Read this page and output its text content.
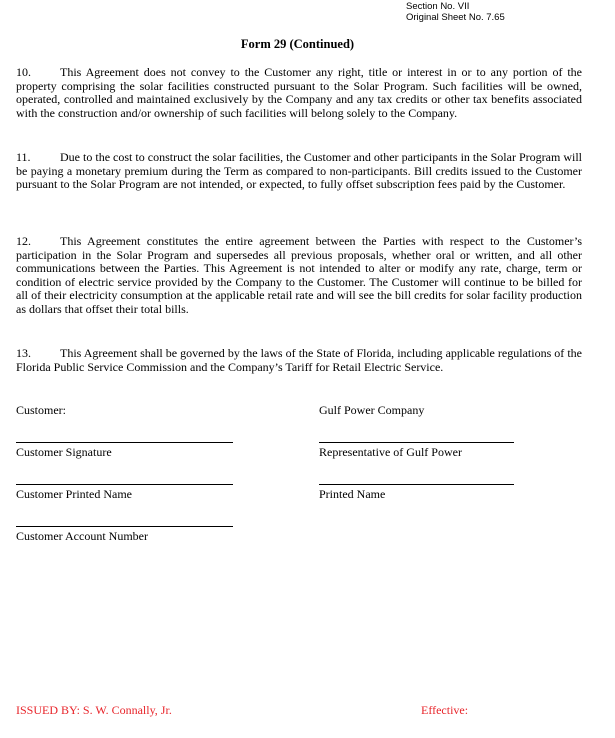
Section No. VII
Original Sheet No. 7.65
Form 29 (Continued)
10. This Agreement does not convey to the Customer any right, title or interest in or to any portion of the property comprising the solar facilities constructed pursuant to the Solar Program. Such facilities will be owned, operated, controlled and maintained exclusively by the Company and any tax credits or other tax benefits associated with the construction and/or ownership of such facilities will belong solely to the Company.
11. Due to the cost to construct the solar facilities, the Customer and other participants in the Solar Program will be paying a monetary premium during the Term as compared to non-participants. Bill credits issued to the Customer pursuant to the Solar Program are not intended, or expected, to fully offset subscription fees paid by the Customer.
12. This Agreement constitutes the entire agreement between the Parties with respect to the Customer’s participation in the Solar Program and supersedes all previous proposals, whether oral or written, and all other communications between the Parties. This Agreement is not intended to alter or modify any rate, charge, term or condition of electric service provided by the Company to the Customer. The Customer will continue to be billed for all of their electricity consumption at the applicable retail rate and will see the bill credits for solar facility production as dollars that offset their total bills.
13. This Agreement shall be governed by the laws of the State of Florida, including applicable regulations of the Florida Public Service Commission and the Company’s Tariff for Retail Electric Service.
Customer:	Gulf Power Company
Customer Signature	Representative of Gulf Power
Customer Printed Name	Printed Name
Customer Account Number
ISSUED BY: S. W. Connally, Jr.	Effective:
